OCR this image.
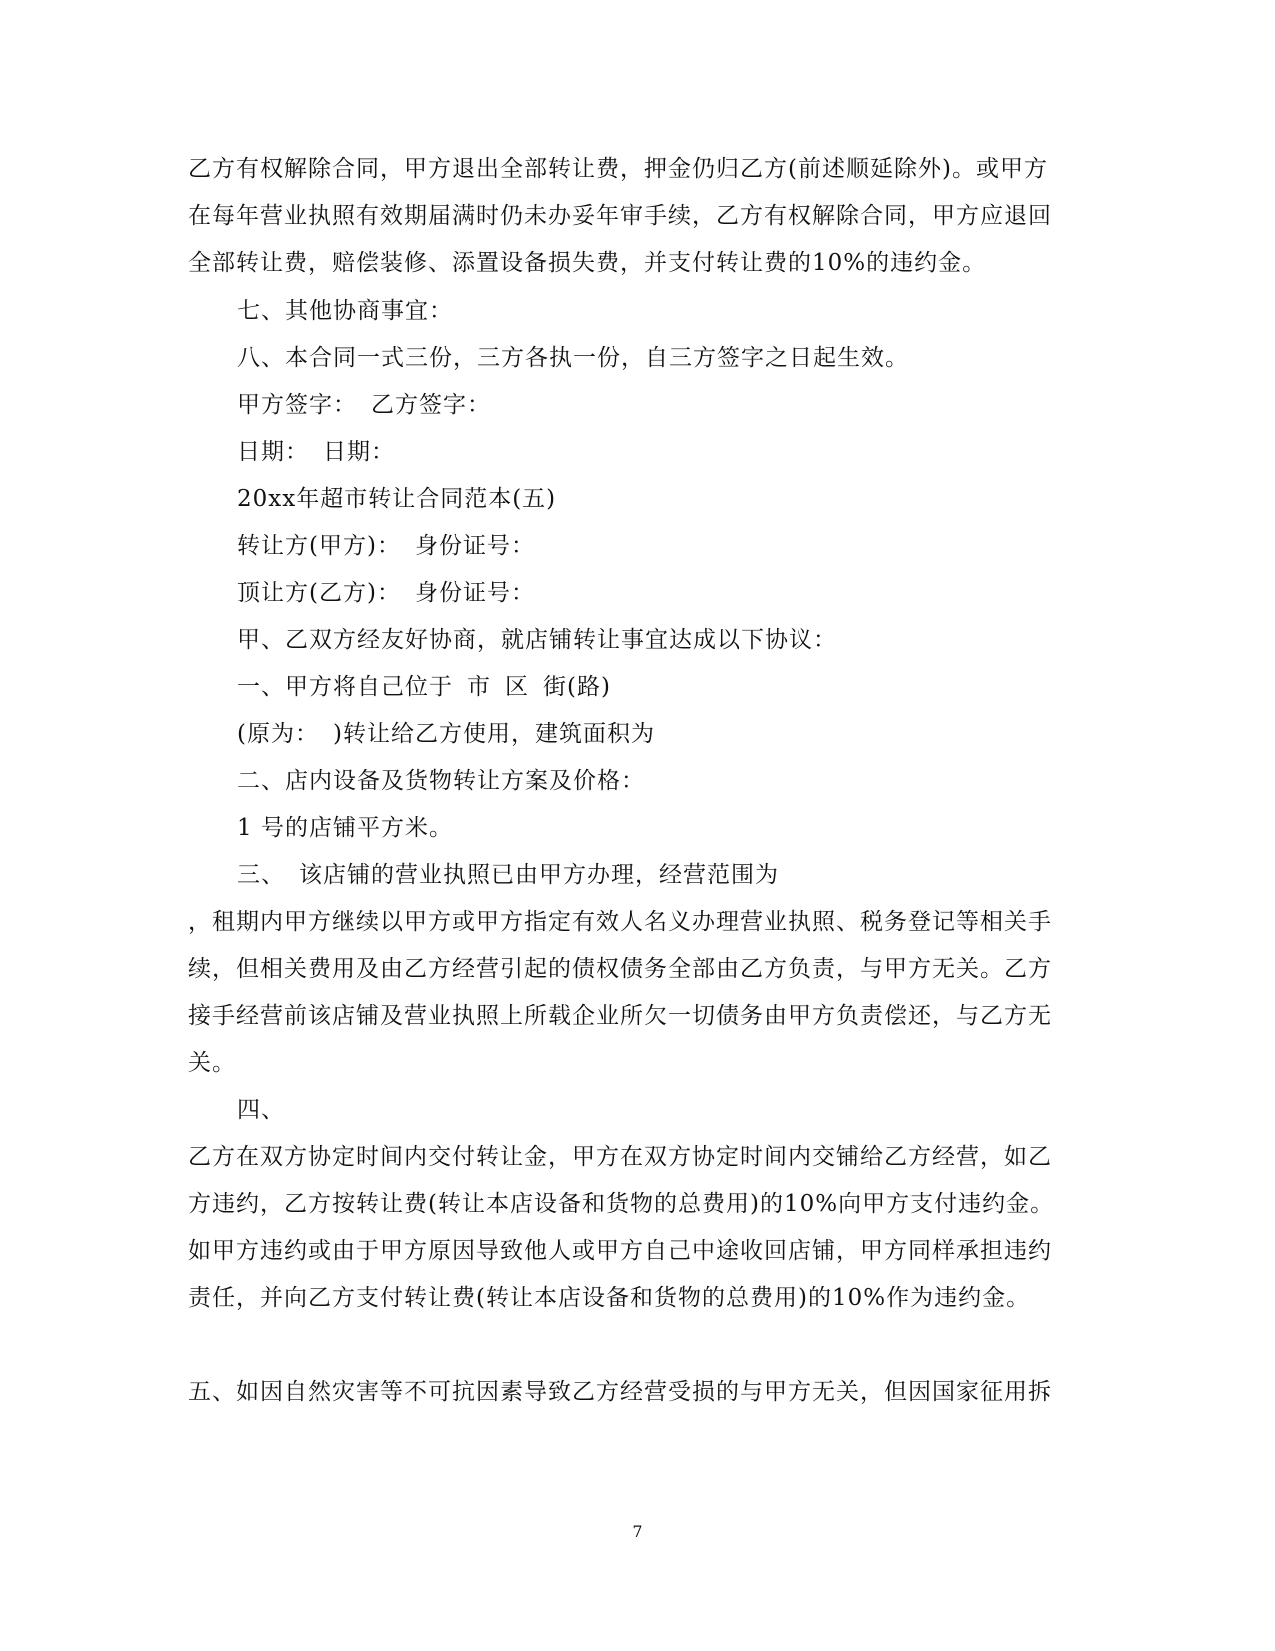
乙方有权解除合同，甲方退出全部转让费，押金仍归乙方(前述顺延除外)。或甲方
在每年营业执照有效期届满时仍未办妥年审手续，乙方有权解除合同，甲方应退回
全部转让费，赔偿装修、添置设备损失费，并支付转让费的10%的违约金。
七、其他协商事宜：
八、本合同一式三份，三方各执一份，自三方签字之日起生效。
甲方签字： 乙方签字：
日期： 日期：
20xx年超市转让合同范本(五)
转让方(甲方)： 身份证号：
顶让方(乙方)： 身份证号：
甲、乙双方经友好协商，就店铺转让事宜达成以下协议：
一、甲方将自己位于 市 区 街(路)
(原为： )转让给乙方使用，建筑面积为
二、店内设备及货物转让方案及价格：
1 号的店铺平方米。
三、 该店铺的营业执照已由甲方办理，经营范围为
，租期内甲方继续以甲方或甲方指定有效人名义办理营业执照、税务登记等相关手
续，但相关费用及由乙方经营引起的债权债务全部由乙方负责，与甲方无关。乙方
接手经营前该店铺及营业执照上所载企业所欠一切债务由甲方负责偿还，与乙方无
关。
四、
乙方在双方协定时间内交付转让金，甲方在双方协定时间内交铺给乙方经营，如乙
方违约，乙方按转让费(转让本店设备和货物的总费用)的10%向甲方支付违约金。
如甲方违约或由于甲方原因导致他人或甲方自己中途收回店铺，甲方同样承担违约
责任，并向乙方支付转让费(转让本店设备和货物的总费用)的10%作为违约金。
五、如因自然灾害等不可抗因素导致乙方经营受损的与甲方无关，但因国家征用拆
7
